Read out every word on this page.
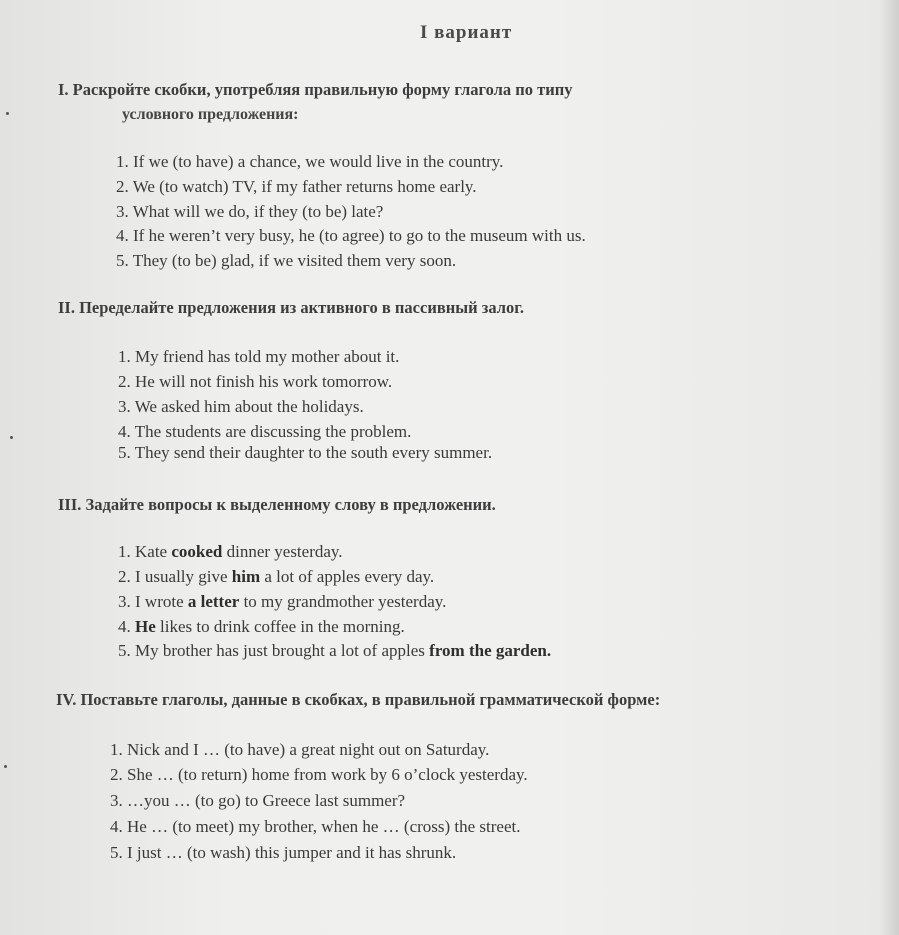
I вариант
I. Раскройте скобки, употребляя правильную форму глагола по типу
условного предложения:
1. If we (to have) a chance, we would live in the country.
2. We (to watch) TV, if my father returns home early.
3. What will we do, if they (to be) late?
4. If he weren’t very busy, he (to agree) to go to the museum with us.
5. They (to be) glad, if we visited them very soon.
II. Переделайте предложения из активного в пассивный залог.
1. My friend has told my mother about it.
2. He will not finish his work tomorrow.
3. We asked him about the holidays.
4. The students are discussing the problem.
5. They send their daughter to the south every summer.
III. Задайте вопросы к выделенному слову в предложении.
1. Kate cooked dinner yesterday.
2. I usually give him a lot of apples every day.
3. I wrote a letter to my grandmother yesterday.
4. He likes to drink coffee in the morning.
5. My brother has just brought a lot of apples from the garden.
IV. Поставьте глаголы, данные в скобках, в правильной грамматической форме:
1. Nick and I … (to have) a great night out on Saturday.
2. She … (to return) home from work by 6 o’clock yesterday.
3. …you … (to go) to Greece last summer?
4. He … (to meet) my brother, when he … (cross) the street.
5. I just … (to wash) this jumper and it has shrunk.
